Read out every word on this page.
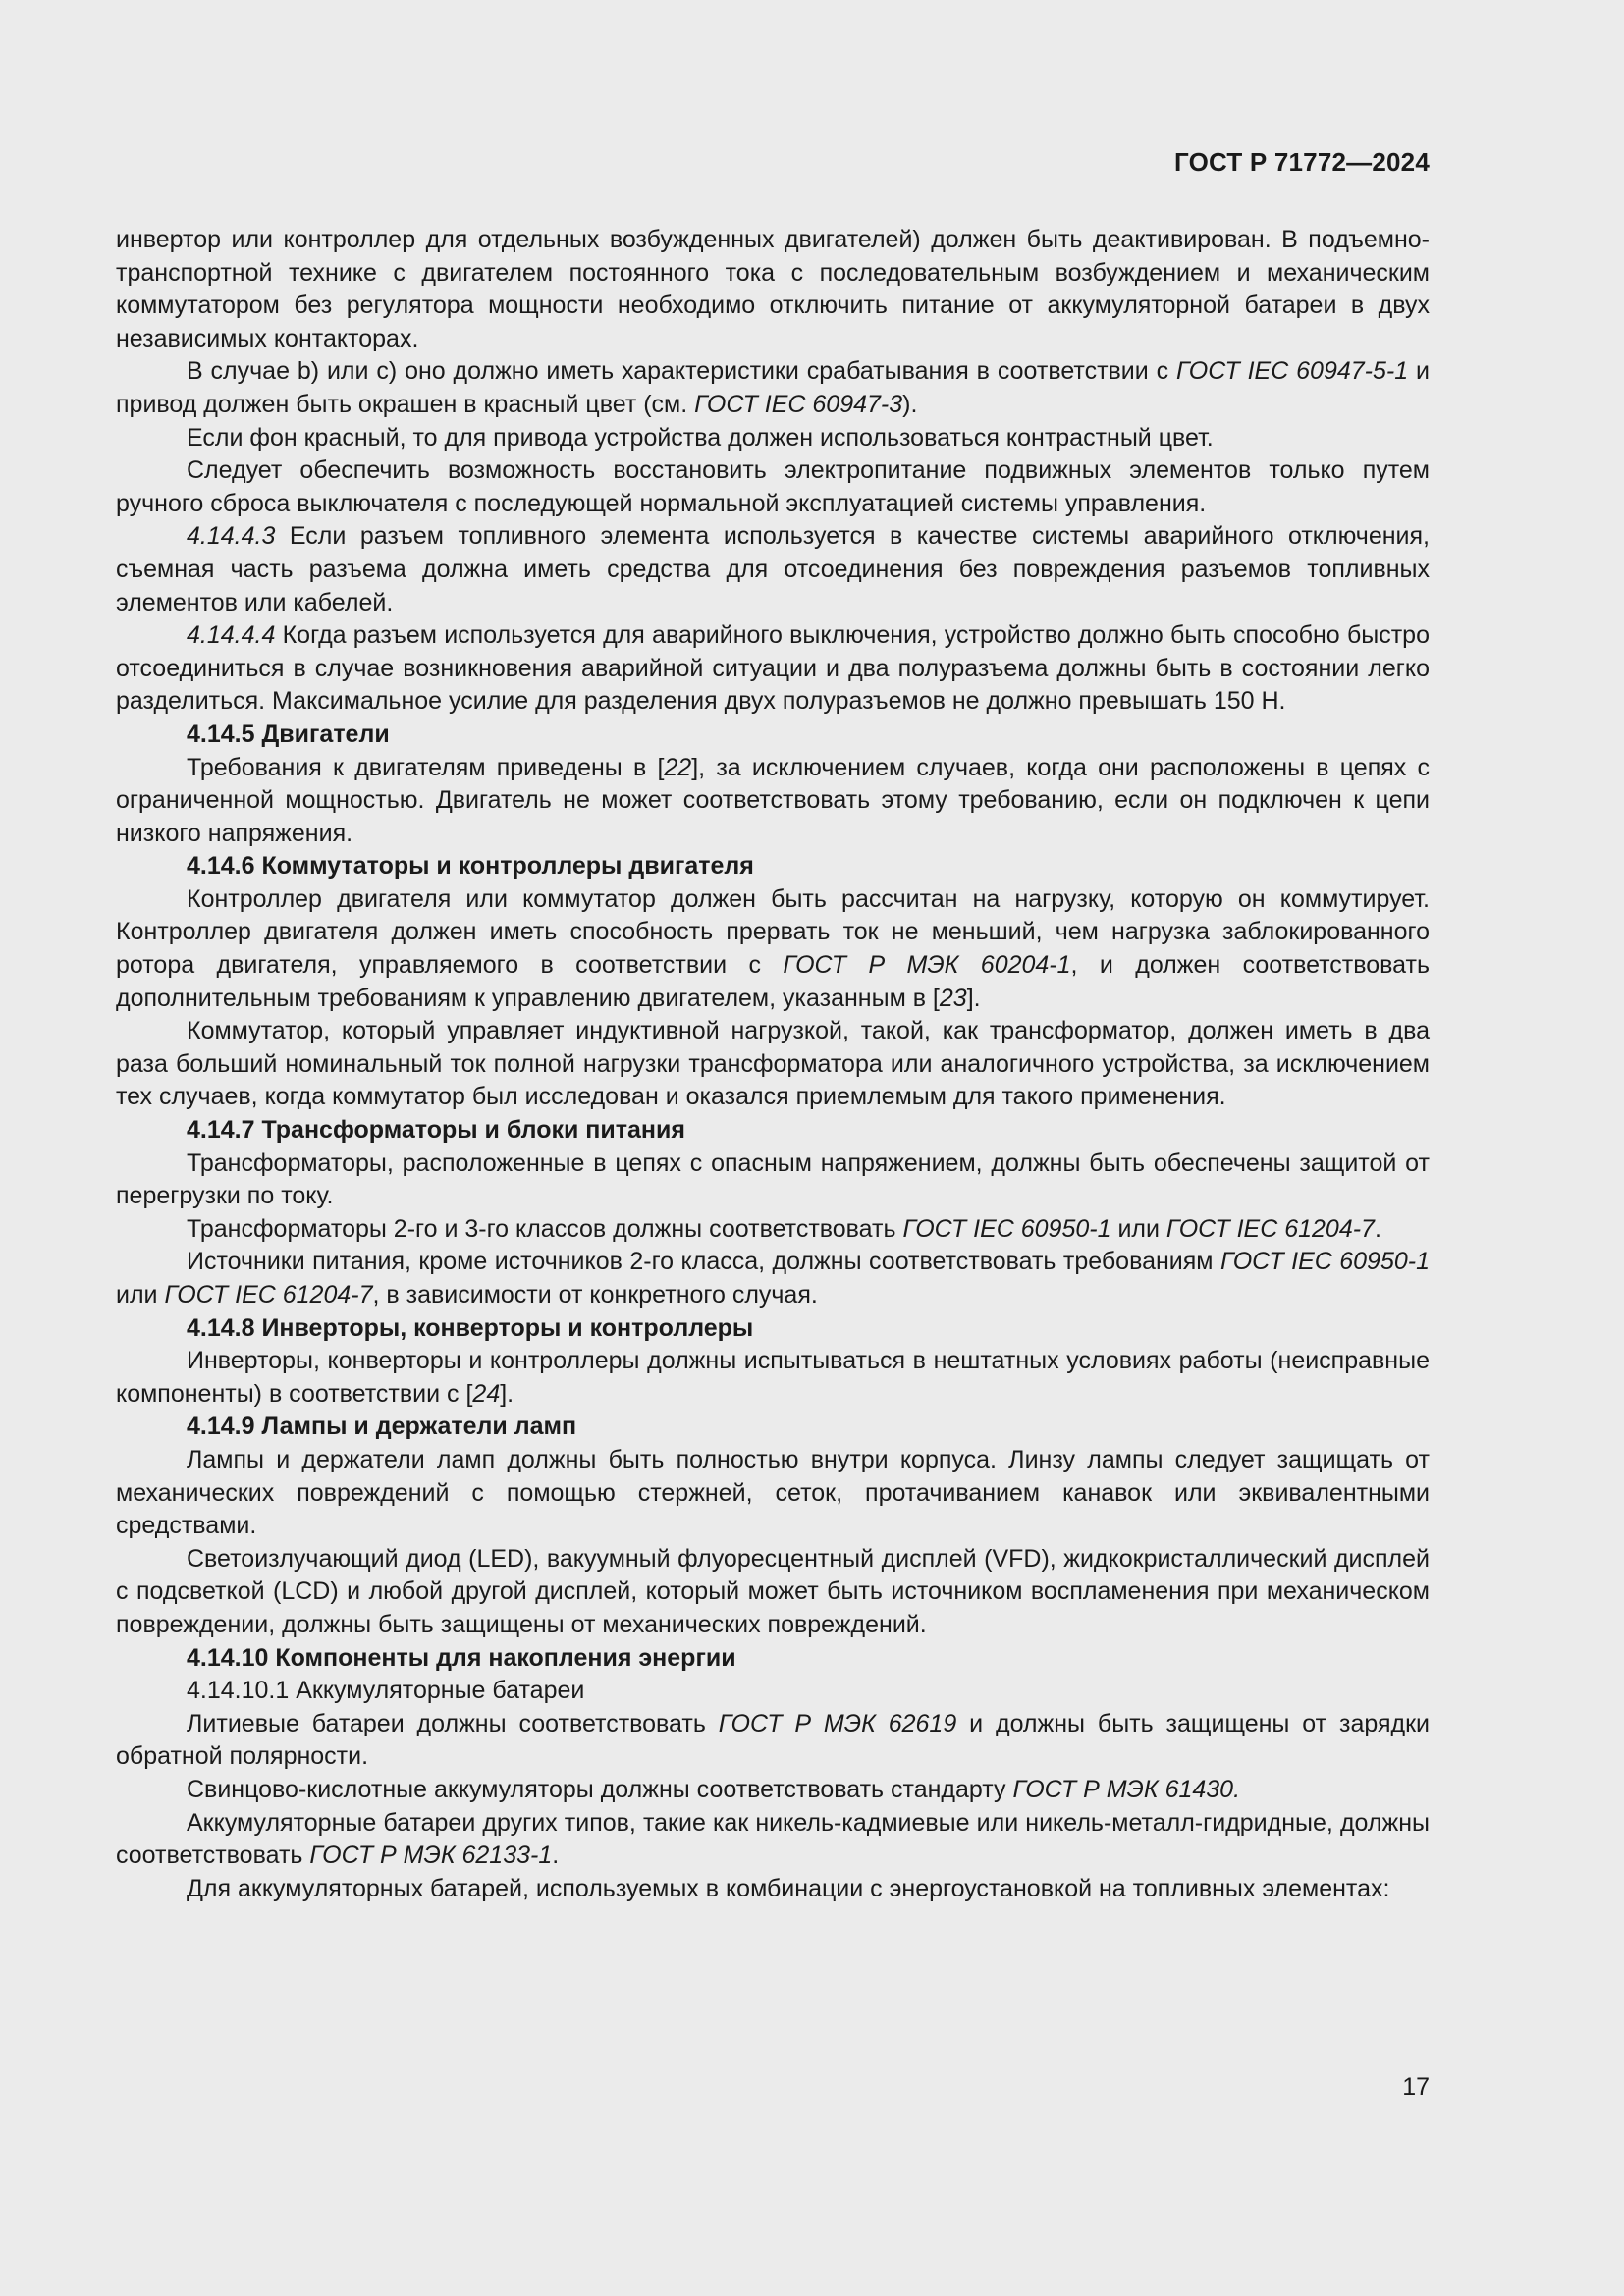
ГОСТ Р 71772—2024

инвертор или контроллер для отдельных возбужденных двигателей) должен быть деактивирован. В подъемно-транспортной технике с двигателем постоянного тока с последовательным возбуждением и механическим коммутатором без регулятора мощности необходимо отключить питание от аккумуляторной батареи в двух независимых контакторах.

В случае b) или с) оно должно иметь характеристики срабатывания в соответствии с ГОСТ IEC 60947-5-1 и привод должен быть окрашен в красный цвет (см. ГОСТ IEC 60947-3).

Если фон красный, то для привода устройства должен использоваться контрастный цвет.

Следует обеспечить возможность восстановить электропитание подвижных элементов только путем ручного сброса выключателя с последующей нормальной эксплуатацией системы управления.

4.14.4.3 Если разъем топливного элемента используется в качестве системы аварийного отключения, съемная часть разъема должна иметь средства для отсоединения без повреждения разъемов топливных элементов или кабелей.

4.14.4.4 Когда разъем используется для аварийного выключения, устройство должно быть способно быстро отсоединиться в случае возникновения аварийной ситуации и два полуразъема должны быть в состоянии легко разделиться. Максимальное усилие для разделения двух полуразъемов не должно превышать 150 Н.

4.14.5 Двигатели

Требования к двигателям приведены в [22], за исключением случаев, когда они расположены в цепях с ограниченной мощностью. Двигатель не может соответствовать этому требованию, если он подключен к цепи низкого напряжения.

4.14.6 Коммутаторы и контроллеры двигателя

Контроллер двигателя или коммутатор должен быть рассчитан на нагрузку, которую он коммутирует. Контроллер двигателя должен иметь способность прервать ток не меньший, чем нагрузка заблокированного ротора двигателя, управляемого в соответствии с ГОСТ Р МЭК 60204-1, и должен соответствовать дополнительным требованиям к управлению двигателем, указанным в [23].

Коммутатор, который управляет индуктивной нагрузкой, такой, как трансформатор, должен иметь в два раза больший номинальный ток полной нагрузки трансформатора или аналогичного устройства, за исключением тех случаев, когда коммутатор был исследован и оказался приемлемым для такого применения.

4.14.7 Трансформаторы и блоки питания

Трансформаторы, расположенные в цепях с опасным напряжением, должны быть обеспечены защитой от перегрузки по току.

Трансформаторы 2-го и 3-го классов должны соответствовать ГОСТ IEC 60950-1 или ГОСТ IEC 61204-7.

Источники питания, кроме источников 2-го класса, должны соответствовать требованиям ГОСТ IEC 60950-1 или ГОСТ IEC 61204-7, в зависимости от конкретного случая.

4.14.8 Инверторы, конверторы и контроллеры

Инверторы, конверторы и контроллеры должны испытываться в нештатных условиях работы (неисправные компоненты) в соответствии с [24].

4.14.9 Лампы и держатели ламп

Лампы и держатели ламп должны быть полностью внутри корпуса. Линзу лампы следует защищать от механических повреждений с помощью стержней, сеток, протачиванием канавок или эквивалентными средствами.

Светоизлучающий диод (LED), вакуумный флуоресцентный дисплей (VFD), жидкокристаллический дисплей с подсветкой (LCD) и любой другой дисплей, который может быть источником воспламенения при механическом повреждении, должны быть защищены от механических повреждений.

4.14.10 Компоненты для накопления энергии

4.14.10.1 Аккумуляторные батареи

Литиевые батареи должны соответствовать ГОСТ Р МЭК 62619 и должны быть защищены от зарядки обратной полярности.

Свинцово-кислотные аккумуляторы должны соответствовать стандарту ГОСТ Р МЭК 61430.

Аккумуляторные батареи других типов, такие как никель-кадмиевые или никель-металл-гидридные, должны соответствовать ГОСТ Р МЭК 62133-1.

Для аккумуляторных батарей, используемых в комбинации с энергоустановкой на топливных элементах:

17
